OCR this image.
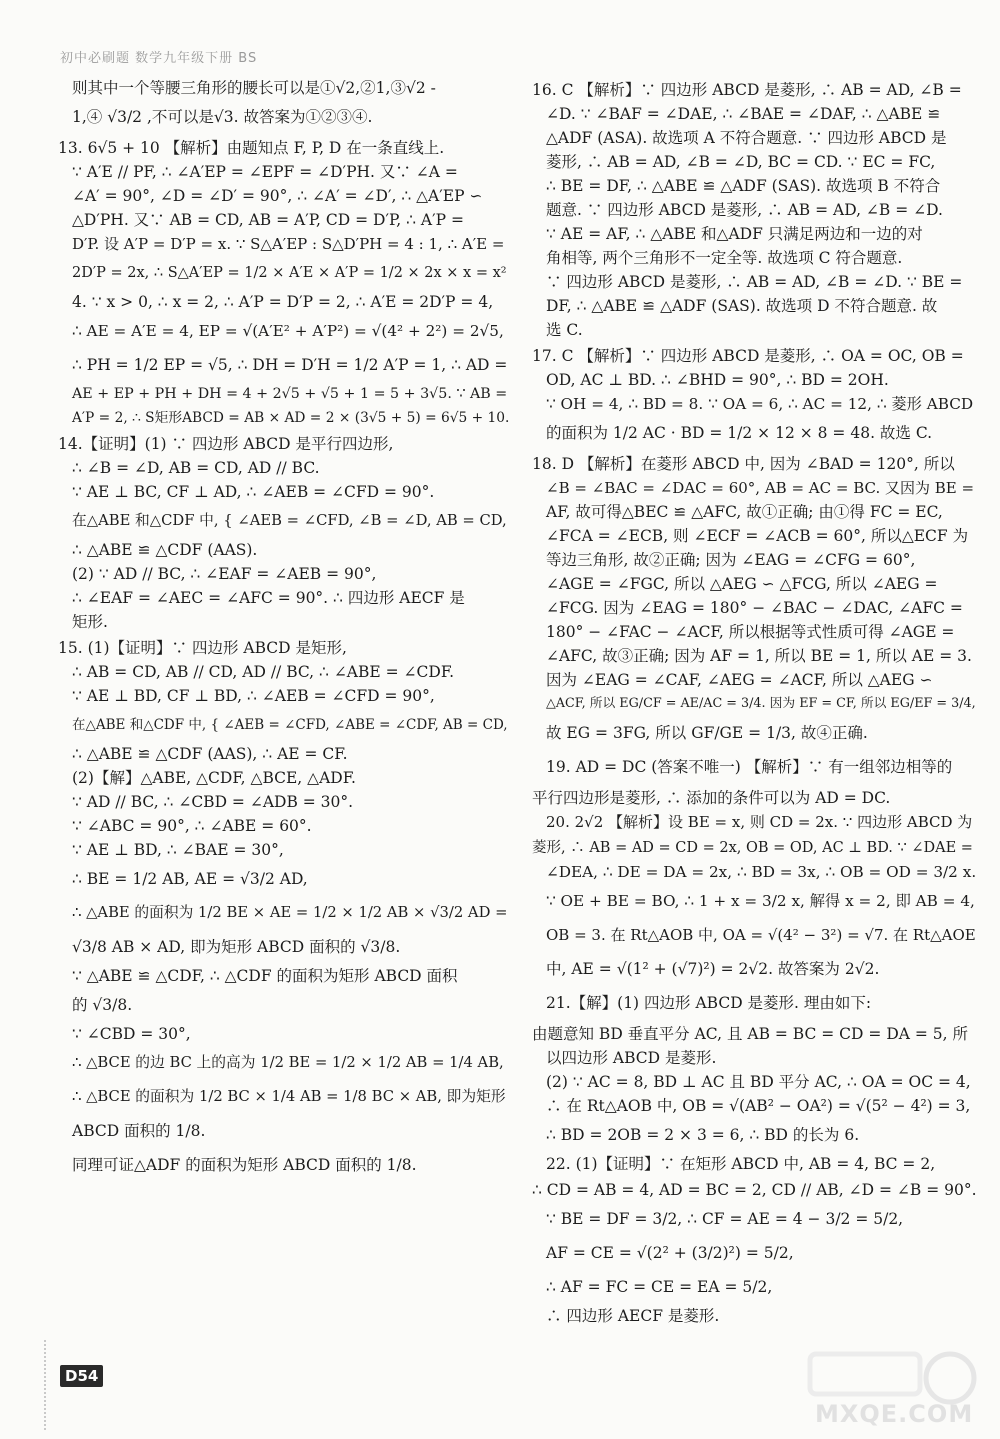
初中必刷题 数学九年级下册 BS
则其中一个等腰三角形的腰长可以是①√2,②1,③√2 -
1,④ √3/2 ,不可以是√3. 故答案为①②③④.
13. 6√5 + 10 【解析】由题知点 F, P, D 在一条直线上.
∵ A′E // PF, ∴ ∠A′EP = ∠EPF = ∠D′PH. 又∵ ∠A =
∠A′ = 90°, ∠D = ∠D′ = 90°, ∴ ∠A′ = ∠D′, ∴ △A′EP ∽
△D′PH. 又∵ AB = CD, AB = A′P, CD = D′P, ∴ A′P =
D′P. 设 A′P = D′P = x. ∵ S△A′EP : S△D′PH = 4 : 1, ∴ A′E =
2D′P = 2x, ∴ S△A′EP = 1/2 × A′E × A′P = 1/2 × 2x × x = x²
4. ∵ x > 0, ∴ x = 2, ∴ A′P = D′P = 2, ∴ A′E = 2D′P = 4,
∴ AE = A′E = 4, EP = √(A′E² + A′P²) = √(4² + 2²) = 2√5,
∴ PH = 1/2 EP = √5, ∴ DH = D′H = 1/2 A′P = 1, ∴ AD =
AE + EP + PH + DH = 4 + 2√5 + √5 + 1 = 5 + 3√5. ∵ AB =
A′P = 2, ∴ S矩形ABCD = AB × AD = 2 × (3√5 + 5) = 6√5 + 10.
14.【证明】(1) ∵ 四边形 ABCD 是平行四边形,
∴ ∠B = ∠D, AB = CD, AD // BC.
∵ AE ⊥ BC, CF ⊥ AD, ∴ ∠AEB = ∠CFD = 90°.
在△ABE 和△CDF 中, { ∠AEB = ∠CFD, ∠B = ∠D, AB = CD,
∴ △ABE ≌ △CDF (AAS).
(2) ∵ AD // BC, ∴ ∠EAF = ∠AEB = 90°,
∴ ∠EAF = ∠AEC = ∠AFC = 90°. ∴ 四边形 AECF 是
矩形.
15. (1)【证明】∵ 四边形 ABCD 是矩形,
∴ AB = CD, AB // CD, AD // BC, ∴ ∠ABE = ∠CDF.
∵ AE ⊥ BD, CF ⊥ BD, ∴ ∠AEB = ∠CFD = 90°,
在△ABE 和△CDF 中, { ∠AEB = ∠CFD, ∠ABE = ∠CDF, AB = CD,
∴ △ABE ≌ △CDF (AAS), ∴ AE = CF.
(2)【解】△ABE, △CDF, △BCE, △ADF.
∵ AD // BC, ∴ ∠CBD = ∠ADB = 30°.
∵ ∠ABC = 90°, ∴ ∠ABE = 60°.
∵ AE ⊥ BD, ∴ ∠BAE = 30°,
∴ BE = 1/2 AB, AE = √3/2 AD,
∴ △ABE 的面积为 1/2 BE × AE = 1/2 × 1/2 AB × √3/2 AD =
√3/8 AB × AD, 即为矩形 ABCD 面积的 √3/8.
∵ △ABE ≌ △CDF, ∴ △CDF 的面积为矩形 ABCD 面积
的 √3/8.
∵ ∠CBD = 30°,
∴ △BCE 的边 BC 上的高为 1/2 BE = 1/2 × 1/2 AB = 1/4 AB,
∴ △BCE 的面积为 1/2 BC × 1/4 AB = 1/8 BC × AB, 即为矩形
ABCD 面积的 1/8.
同理可证△ADF 的面积为矩形 ABCD 面积的 1/8.
16. C 【解析】∵ 四边形 ABCD 是菱形, ∴ AB = AD, ∠B =
∠D. ∵ ∠BAF = ∠DAE, ∴ ∠BAE = ∠DAF, ∴ △ABE ≌
△ADF (ASA). 故选项 A 不符合题意. ∵ 四边形 ABCD 是
菱形, ∴ AB = AD, ∠B = ∠D, BC = CD. ∵ EC = FC,
∴ BE = DF, ∴ △ABE ≌ △ADF (SAS). 故选项 B 不符合
题意. ∵ 四边形 ABCD 是菱形, ∴ AB = AD, ∠B = ∠D.
∵ AE = AF, ∴ △ABE 和△ADF 只满足两边和一边的对
角相等, 两个三角形不一定全等. 故选项 C 符合题意.
∵ 四边形 ABCD 是菱形, ∴ AB = AD, ∠B = ∠D. ∵ BE =
DF, ∴ △ABE ≌ △ADF (SAS). 故选项 D 不符合题意. 故
选 C.
17. C 【解析】∵ 四边形 ABCD 是菱形, ∴ OA = OC, OB =
OD, AC ⊥ BD. ∴ ∠BHD = 90°, ∴ BD = 2OH.
∵ OH = 4, ∴ BD = 8. ∵ OA = 6, ∴ AC = 12, ∴ 菱形 ABCD
的面积为 1/2 AC · BD = 1/2 × 12 × 8 = 48. 故选 C.
18. D 【解析】在菱形 ABCD 中, 因为 ∠BAD = 120°, 所以
∠B = ∠BAC = ∠DAC = 60°, AB = AC = BC. 又因为 BE =
AF, 故可得△BEC ≌ △AFC, 故①正确; 由①得 FC = EC,
∠FCA = ∠ECB, 则 ∠ECF = ∠ACB = 60°, 所以△ECF 为
等边三角形, 故②正确; 因为 ∠EAG = ∠CFG = 60°,
∠AGE = ∠FGC, 所以 △AEG ∽ △FCG, 所以 ∠AEG =
∠FCG. 因为 ∠EAG = 180° − ∠BAC − ∠DAC, ∠AFC =
180° − ∠FAC − ∠ACF, 所以根据等式性质可得 ∠AGE =
∠AFC, 故③正确; 因为 AF = 1, 所以 BE = 1, 所以 AE = 3.
因为 ∠EAG = ∠CAF, ∠AEG = ∠ACF, 所以 △AEG ∽
△ACF, 所以 EG/CF = AE/AC = 3/4. 因为 EF = CF, 所以 EG/EF = 3/4,
故 EG = 3FG, 所以 GF/GE = 1/3, 故④正确.
19. AD = DC (答案不唯一) 【解析】∵ 有一组邻边相等的
平行四边形是菱形, ∴ 添加的条件可以为 AD = DC.
20. 2√2 【解析】设 BE = x, 则 CD = 2x. ∵ 四边形 ABCD 为
菱形, ∴ AB = AD = CD = 2x, OB = OD, AC ⊥ BD. ∵ ∠DAE =
∠DEA, ∴ DE = DA = 2x, ∴ BD = 3x, ∴ OB = OD = 3/2 x.
∵ OE + BE = BO, ∴ 1 + x = 3/2 x, 解得 x = 2, 即 AB = 4,
OB = 3. 在 Rt△AOB 中, OA = √(4² − 3²) = √7. 在 Rt△AOE
中, AE = √(1² + (√7)²) = 2√2. 故答案为 2√2.
21.【解】(1) 四边形 ABCD 是菱形. 理由如下:
由题意知 BD 垂直平分 AC, 且 AB = BC = CD = DA = 5, 所
以四边形 ABCD 是菱形.
(2) ∵ AC = 8, BD ⊥ AC 且 BD 平分 AC, ∴ OA = OC = 4,
∴ 在 Rt△AOB 中, OB = √(AB² − OA²) = √(5² − 4²) = 3,
∴ BD = 2OB = 2 × 3 = 6, ∴ BD 的长为 6.
22. (1)【证明】∵ 在矩形 ABCD 中, AB = 4, BC = 2,
∴ CD = AB = 4, AD = BC = 2, CD // AB, ∠D = ∠B = 90°.
∵ BE = DF = 3/2, ∴ CF = AE = 4 − 3/2 = 5/2,
AF = CE = √(2² + (3/2)²) = 5/2,
∴ AF = FC = CE = EA = 5/2,
∴ 四边形 AECF 是菱形.
D54
MXQE.COM
